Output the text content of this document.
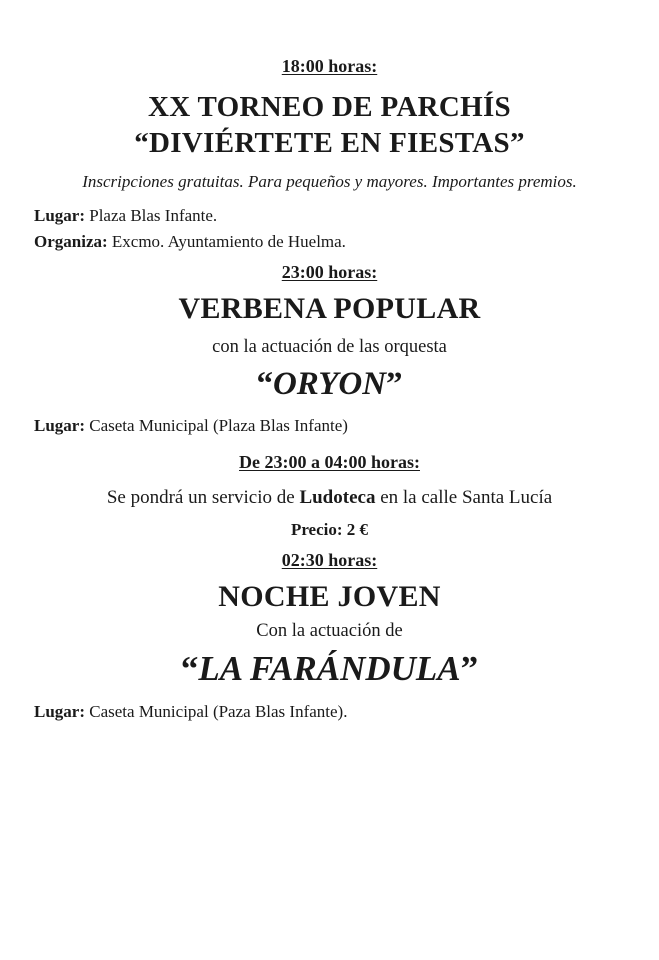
18:00 horas:
XX TORNEO DE PARCHÍS
“DIVIÉRTETE EN FIESTAS”
Inscripciones gratuitas. Para pequeños y mayores. Importantes premios.
Lugar: Plaza Blas Infante.
Organiza: Excmo. Ayuntamiento de Huelma.
23:00 horas:
VERBENA POPULAR
con la actuación de las orquesta
“ORYON”
Lugar: Caseta Municipal (Plaza Blas Infante)
De 23:00 a 04:00 horas:
Se pondrá un servicio de Ludoteca en la calle Santa Lucía
Precio: 2 €
02:30 horas:
NOCHE JOVEN
Con la actuación de
“LA FARÁNDULA”
Lugar: Caseta Municipal (Paza Blas Infante).
